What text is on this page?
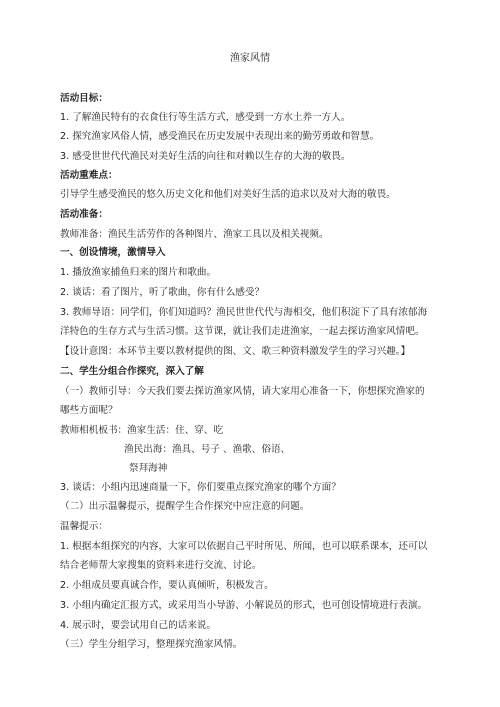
渔家风情
活动目标：
1. 了解渔民特有的衣食住行等生活方式，感受到一方水土养一方人。
2. 探究渔家风俗人情，感受渔民在历史发展中表现出来的勤劳勇敢和智慧。
3. 感受世世代代渔民对美好生活的向往和对赖以生存的大海的敬畏。
活动重难点：
引导学生感受渔民的悠久历史文化和他们对美好生活的追求以及对大海的敬畏。
活动准备：
教师准备：渔民生活劳作的各种图片、渔家工具以及相关视频。
一、创设情境，激情导入
1. 播放渔家捕鱼归来的图片和歌曲。
2. 谈话：看了图片，听了歌曲，你有什么感受？
3. 教师导语：同学们，你们知道吗？渔民世世代代与海相交，他们积淀下了具有浓郁海
洋特色的生存方式与生活习惯。这节课，就让我们走进渔家，一起去探访渔家风情吧。
【设计意图：本环节主要以教材提供的图、文、歌三种资料激发学生的学习兴趣。】
二、学生分组合作探究，深入了解
（一）教师引导：今天我们要去探访渔家风情，请大家用心准备一下，你想探究渔家的
哪些方面呢？
教师相机板书：渔家生活：住、穿、吃
渔民出海：渔具、号子 、渔歌、俗语、
祭拜海神
3. 谈话：小组内迅速商量一下，你们要重点探究渔家的哪个方面？
（二）出示温馨提示，提醒学生合作探究中应注意的问题。
温馨提示：
1. 根据本组探究的内容，大家可以依据自己平时所见、所闻，也可以联系课本，还可以
结合老师帮大家搜集的资料来进行交流、讨论。
2. 小组成员要真诚合作，要认真倾听，积极发言。
3. 小组内确定汇报方式，或采用当小导游、小解说员的形式，也可创设情境进行表演。
4. 展示时，要尝试用自己的话来说。
（三）学生分组学习，整理探究渔家风情。
